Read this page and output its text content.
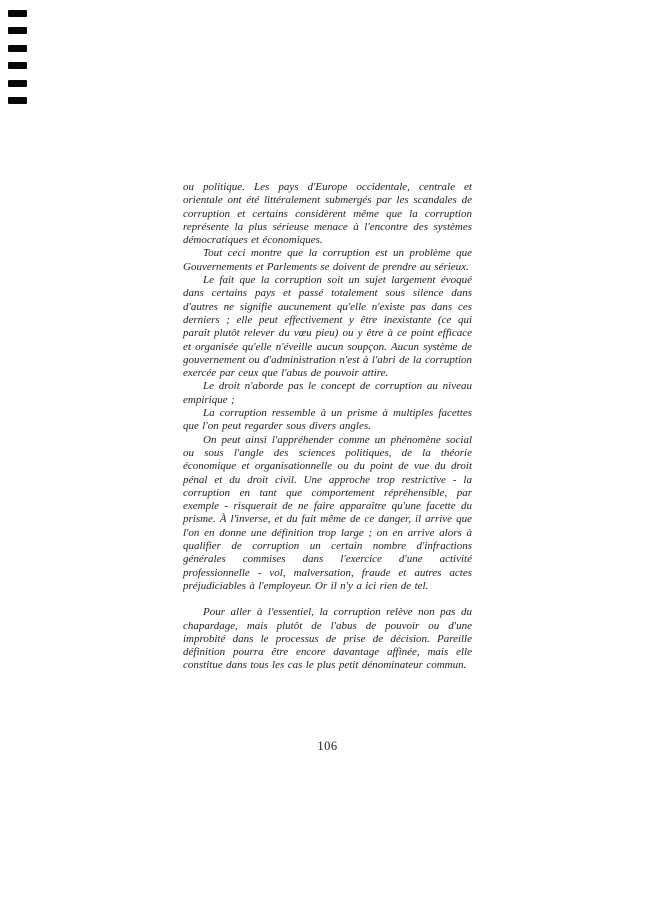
ou politique. Les pays d'Europe occidentale, centrale et orientale ont été littéralement submergés par les scandales de corruption et certains considèrent même que la corruption représente la plus sérieuse menace à l'encontre des systèmes démocratiques et économiques.

Tout ceci montre que la corruption est un problème que Gouvernements et Parlements se doivent de prendre au sérieux.

Le fait que la corruption soit un sujet largement évoqué dans certains pays et passé totalement sous silence dans d'autres ne signifie aucunement qu'elle n'existe pas dans ces derniers ; elle peut effectivement y être inexistante (ce qui paraît plutôt relever du vœu pieu) ou y être à ce point efficace et organisée qu'elle n'éveille aucun soupçon. Aucun système de gouvernement ou d'administration n'est à l'abri de la corruption exercée par ceux que l'abus de pouvoir attire.

Le droit n'aborde pas le concept de corruption au niveau empirique ;

La corruption ressemble à un prisme à multiples facettes que l'on peut regarder sous divers angles.

On peut ainsi l'appréhender comme un phénomène social ou sous l'angle des sciences politiques, de la théorie économique et organisationnelle ou du point de vue du droit pénal et du droit civil. Une approche trop restrictive - la corruption en tant que comportement répréhensible, par exemple - risquerait de ne faire apparaître qu'une facette du prisme. À l'inverse, et du fait même de ce danger, il arrive que l'on en donne une définition trop large ; on en arrive alors à qualifier de corruption un certain nombre d'infractions générales commises dans l'exercice d'une activité professionnelle - vol, malversation, fraude et autres actes préjudiciables à l'employeur. Or il n'y a ici rien de tel.

Pour aller à l'essentiel, la corruption relève non pas du chapardage, mais plutôt de l'abus de pouvoir ou d'une improbité dans le processus de prise de décision. Pareille définition pourra être encore davantage affinée, mais elle constitue dans tous les cas le plus petit dénominateur commun.

106
